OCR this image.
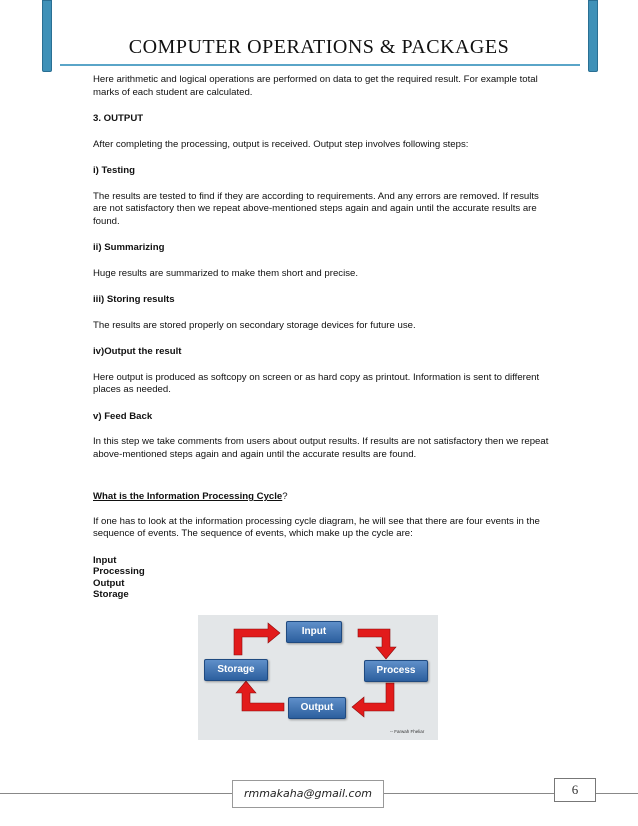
COMPUTER OPERATIONS & PACKAGES

Here arithmetic and logical operations are performed on data to get the required result. For example total marks of each student are calculated.

3. OUTPUT

After completing the processing, output is received. Output step involves following steps:

i) Testing

The results are tested to find if they are according to requirements. And any errors are removed. If results are not satisfactory then we repeat above-mentioned steps again and again until the accurate results are found.

ii) Summarizing

Huge results are summarized to make them short and precise.

iii) Storing results

The results are stored properly on secondary storage devices for future use.

iv)Output the result

Here output is produced as softcopy on screen or as hard copy as printout. Information is sent to different places as needed.

v) Feed Back

In this step we take comments from users about output results. If results are not satisfactory then we repeat above-mentioned steps again and again until the accurate results are found.

What is the Information Processing Cycle?

If one has to look at the information processing cycle diagram, he will see that there are four events in the sequence of events. The sequence of events, which make up the cycle are:

Input
Processing
Output
Storage
Input
Storage	Process
Output
-- Farwah Fheliar
rmmakaha@gmail.com	6
